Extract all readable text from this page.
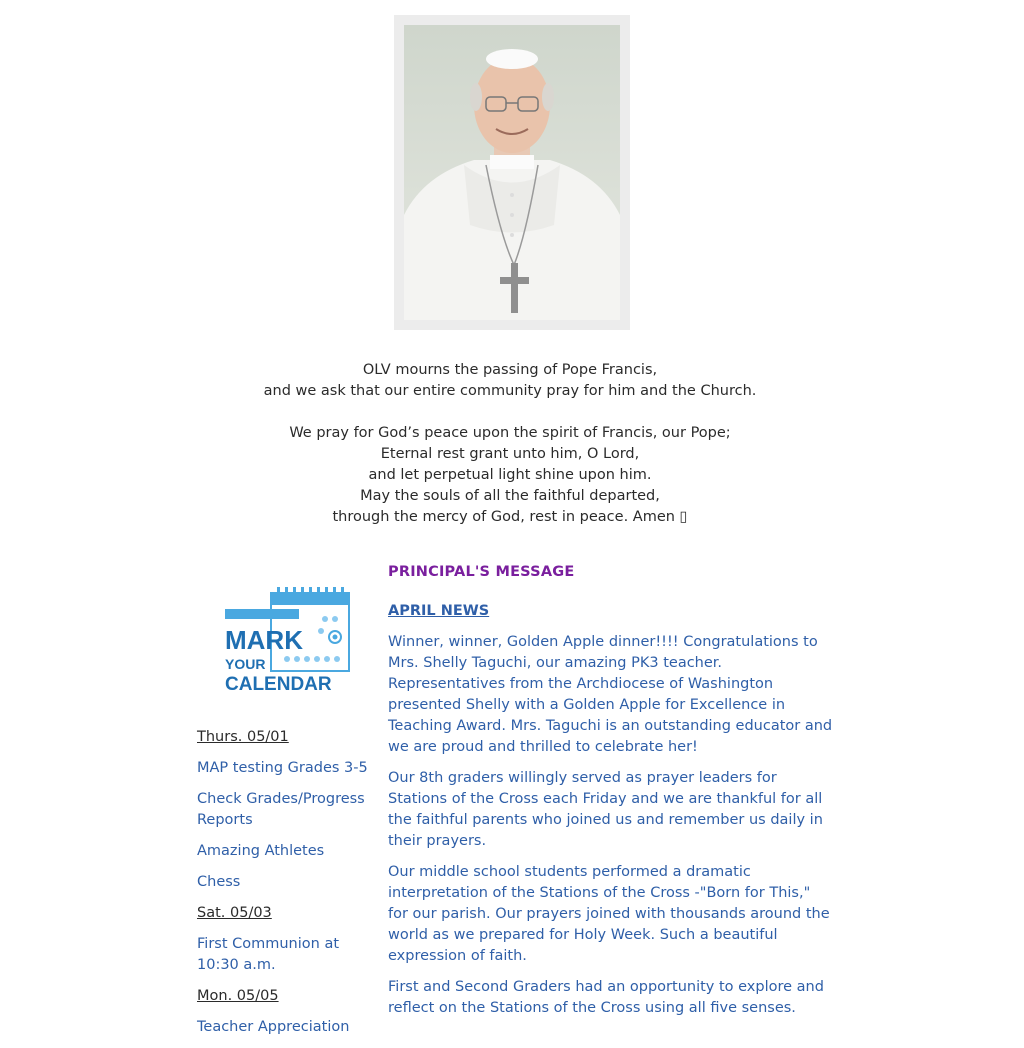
OLV mourns the passing of Pope Francis,

and we ask that our entire community pray for him and the Church.

We pray for God’s peace upon the spirit of Francis, our Pope;

Eternal rest grant unto him, O Lord,

and let perpetual light shine upon him.

May the souls of all the faithful departed,

through the mercy of God, rest in peace. Amen ▯

MARK
YOUR
CALENDAR

Thurs. 05/01

MAP testing Grades 3-5

Check Grades/Progress Reports

Amazing Athletes

Chess

Sat. 05/03

First Communion at 10:30 a.m.

Mon. 05/05

Teacher Appreciation

PRINCIPAL'S MESSAGE

APRIL NEWS

Winner, winner, Golden Apple dinner!!!! Congratulations to Mrs. Shelly Taguchi, our amazing PK3 teacher. Representatives from the Archdiocese of Washington presented Shelly with a Golden Apple for Excellence in Teaching Award. Mrs. Taguchi is an outstanding educator and we are proud and thrilled to celebrate her!

Our 8th graders willingly served as prayer leaders for Stations of the Cross each Friday and we are thankful for all the faithful parents who joined us and remember us daily in their prayers.

Our middle school students performed a dramatic interpretation of the Stations of the Cross -"Born for This," for our parish. Our prayers joined with thousands around the world as we prepared for Holy Week. Such a beautiful expression of faith.

First and Second Graders had an opportunity to explore and reflect on the Stations of the Cross using all five senses.
